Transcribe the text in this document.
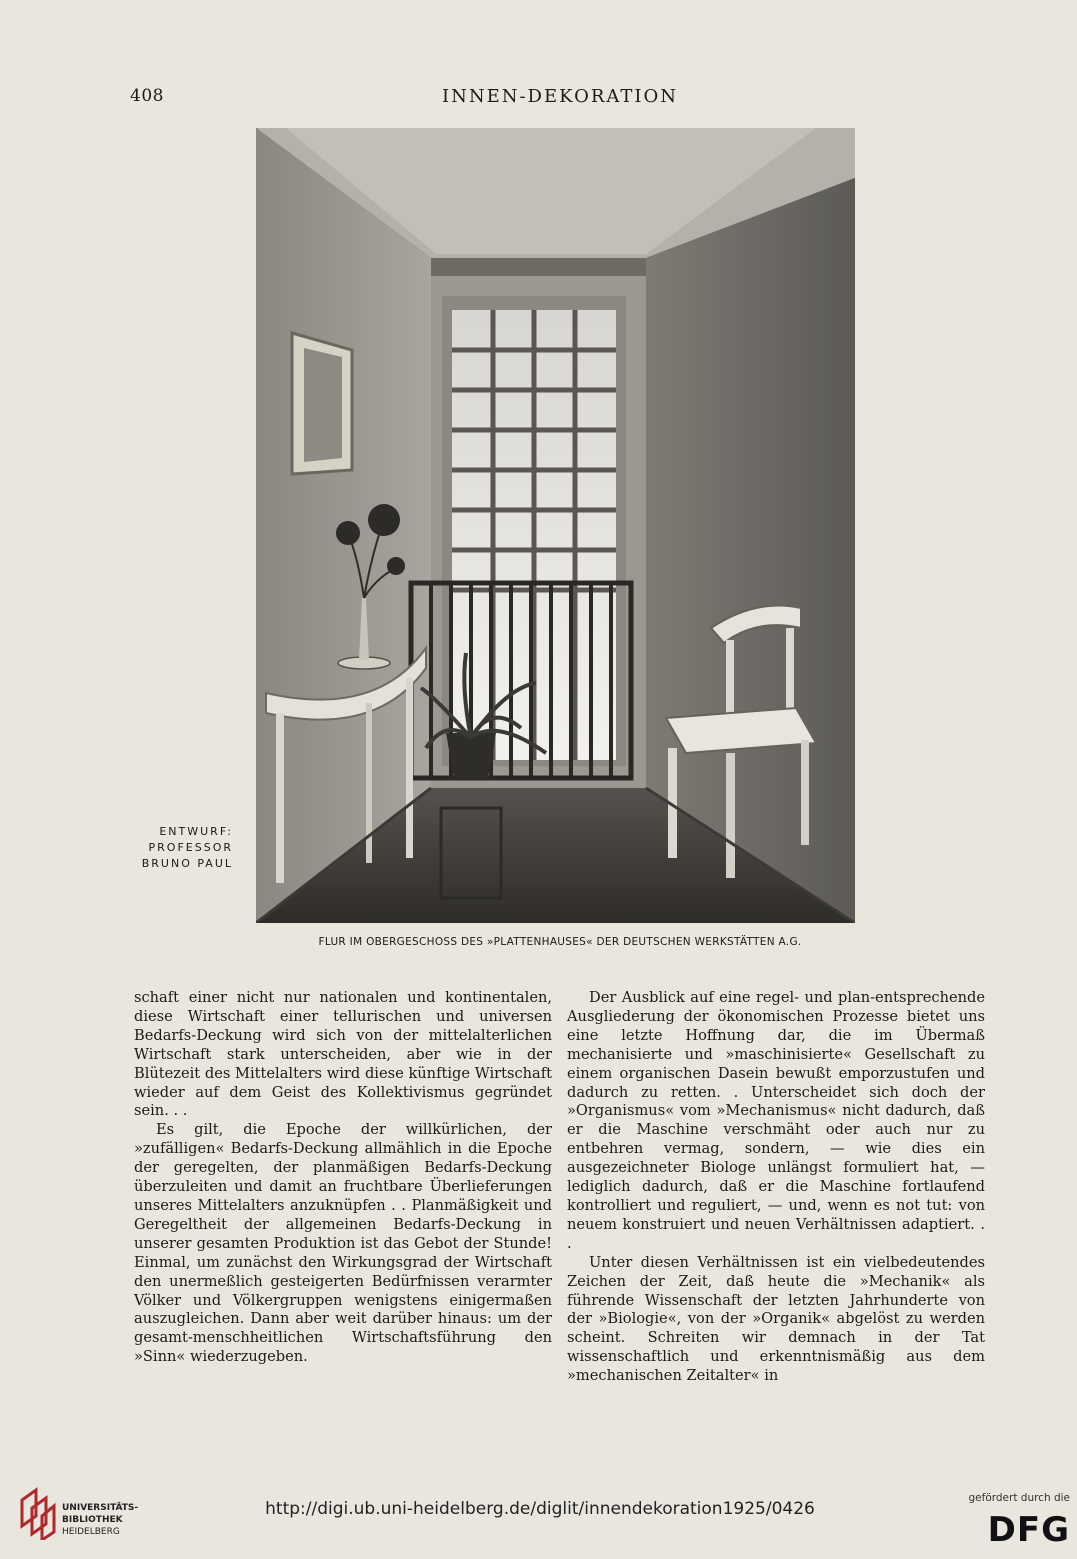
408	INNEN-DEKORATION
ENTWURF:
PROFESSOR
BRUNO PAUL
FLUR IM OBERGESCHOSS DES »PLATTENHAUSES« DER DEUTSCHEN WERKSTÄTTEN A.G.

schaft einer nicht nur nationalen und kontinentalen, diese Wirtschaft einer tellurischen und universen Bedarfs-Deckung wird sich von der mittelalterlichen Wirtschaft stark unterscheiden, aber wie in der Blütezeit des Mittelalters wird diese künftige Wirtschaft wieder auf dem Geist des Kollektivismus gegründet sein. . .

Es gilt, die Epoche der willkürlichen, der »zufälligen« Bedarfs-Deckung allmählich in die Epoche der geregelten, der planmäßigen Bedarfs-Deckung überzuleiten und damit an fruchtbare Überlieferungen unseres Mittelalters anzuknüpfen . . Planmäßigkeit und Geregeltheit der allgemeinen Bedarfs-Deckung in unserer gesamten Produktion ist das Gebot der Stunde! Einmal, um zunächst den Wirkungsgrad der Wirtschaft den unermeßlich gesteigerten Bedürfnissen verarmter Völker und Völkergruppen wenigstens einigermaßen auszugleichen. Dann aber weit darüber hinaus: um der gesamt-menschheitlichen Wirtschaftsführung den »Sinn« wiederzugeben.

Der Ausblick auf eine regel- und plan-entsprechende Ausgliederung der ökonomischen Prozesse bietet uns eine letzte Hoffnung dar, die im Übermaß mechanisierte und »maschinisierte« Gesellschaft zu einem organischen Dasein bewußt emporzustufen und dadurch zu retten. . Unterscheidet sich doch der »Organismus« vom »Mechanismus« nicht dadurch, daß er die Maschine verschmäht oder auch nur zu entbehren vermag, sondern, — wie dies ein ausgezeichneter Biologe unlängst formuliert hat, — lediglich dadurch, daß er die Maschine fortlaufend kontrolliert und reguliert, — und, wenn es not tut: von neuem konstruiert und neuen Verhältnissen adaptiert. . .

Unter diesen Verhältnissen ist ein vielbedeutendes Zeichen der Zeit, daß heute die »Mechanik« als führende Wissenschaft der letzten Jahrhunderte von der »Biologie«, von der »Organik« abgelöst zu werden scheint. Schreiten wir demnach in der Tat wissenschaftlich und erkenntnismäßig aus dem »mechanischen Zeitalter« in

UNIVERSITÄTS-
BIBLIOTHEK
HEIDELBERG
http://digi.ub.uni-heidelberg.de/diglit/innendekoration1925/0426
gefördert durch die
DFG
